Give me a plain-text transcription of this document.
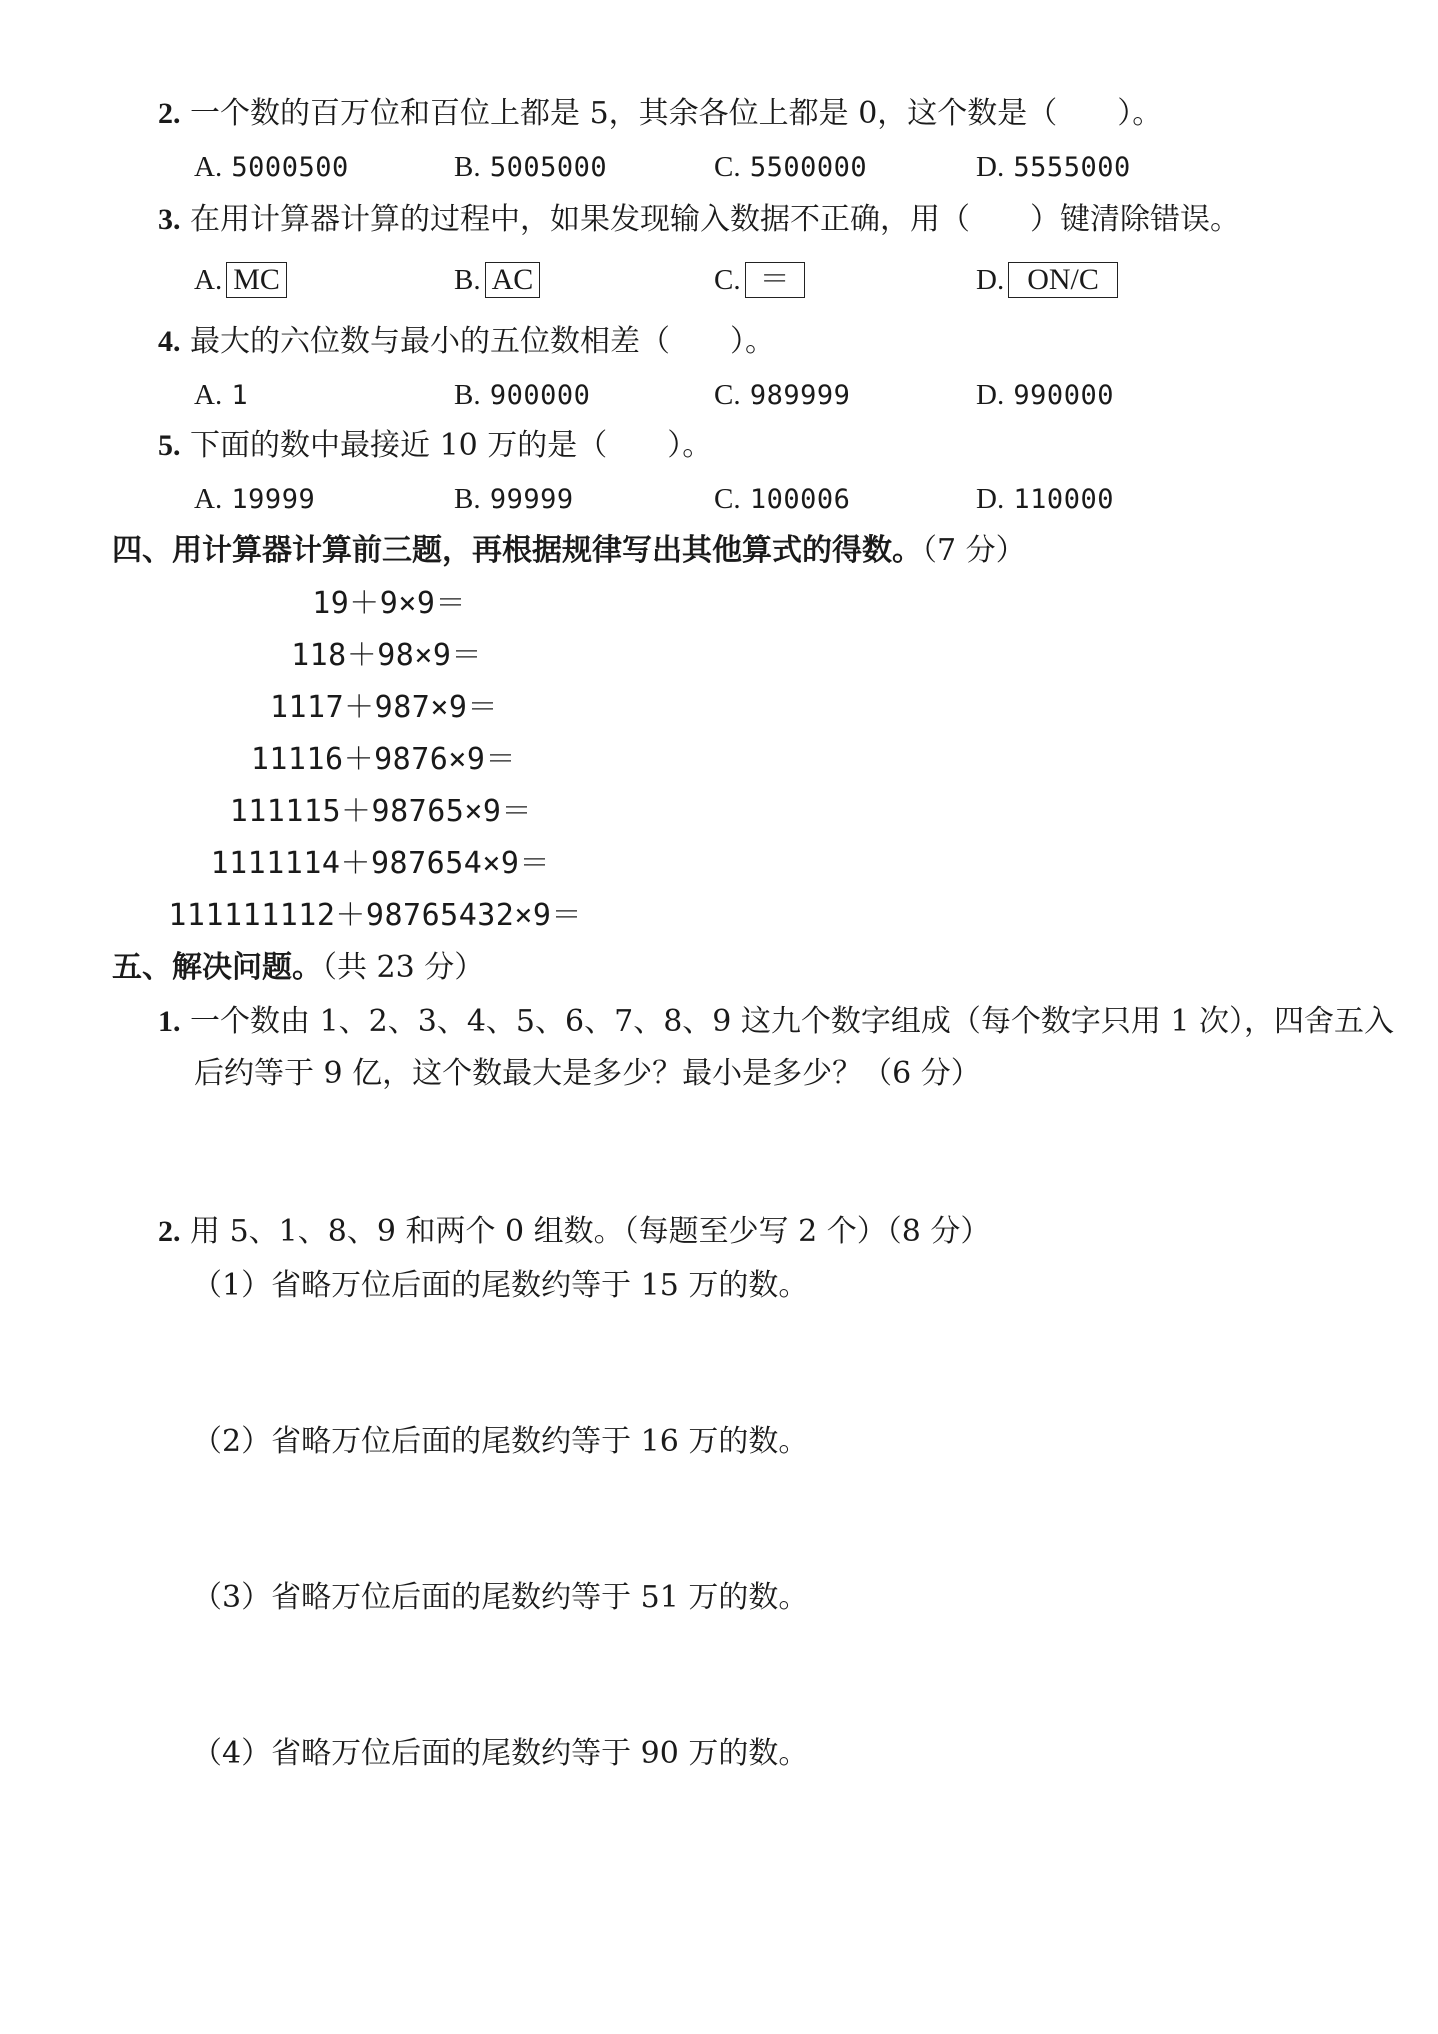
2. 一个数的百万位和百位上都是 5，其余各位上都是 0，这个数是（　　）。
A. 5000500	B. 5005000	C. 5500000	D. 5555000
3. 在用计算器计算的过程中，如果发现输入数据不正确，用（　　）键清除错误。
A. MC	B. AC	C. ＝	D. ON/C
4. 最大的六位数与最小的五位数相差（　　）。
A. 1	B. 900000	C. 989999	D. 990000
5. 下面的数中最接近 10 万的是（　　）。
A. 19999	B. 99999	C. 100006	D. 110000
四、用计算器计算前三题，再根据规律写出其他算式的得数。（7 分）
19＋9×9＝
118＋98×9＝
1117＋987×9＝
11116＋9876×9＝
111115＋98765×9＝
1111114＋987654×9＝
111111112＋98765432×9＝
五、解决问题。（共 23 分）
1. 一个数由 1、2、3、4、5、6、7、8、9 这九个数字组成（每个数字只用 1 次），四舍五入
后约等于 9 亿，这个数最大是多少？最小是多少？（6 分）
2. 用 5、1、8、9 和两个 0 组数。（每题至少写 2 个）（8 分）
（1）省略万位后面的尾数约等于 15 万的数。
（2）省略万位后面的尾数约等于 16 万的数。
（3）省略万位后面的尾数约等于 51 万的数。
（4）省略万位后面的尾数约等于 90 万的数。
